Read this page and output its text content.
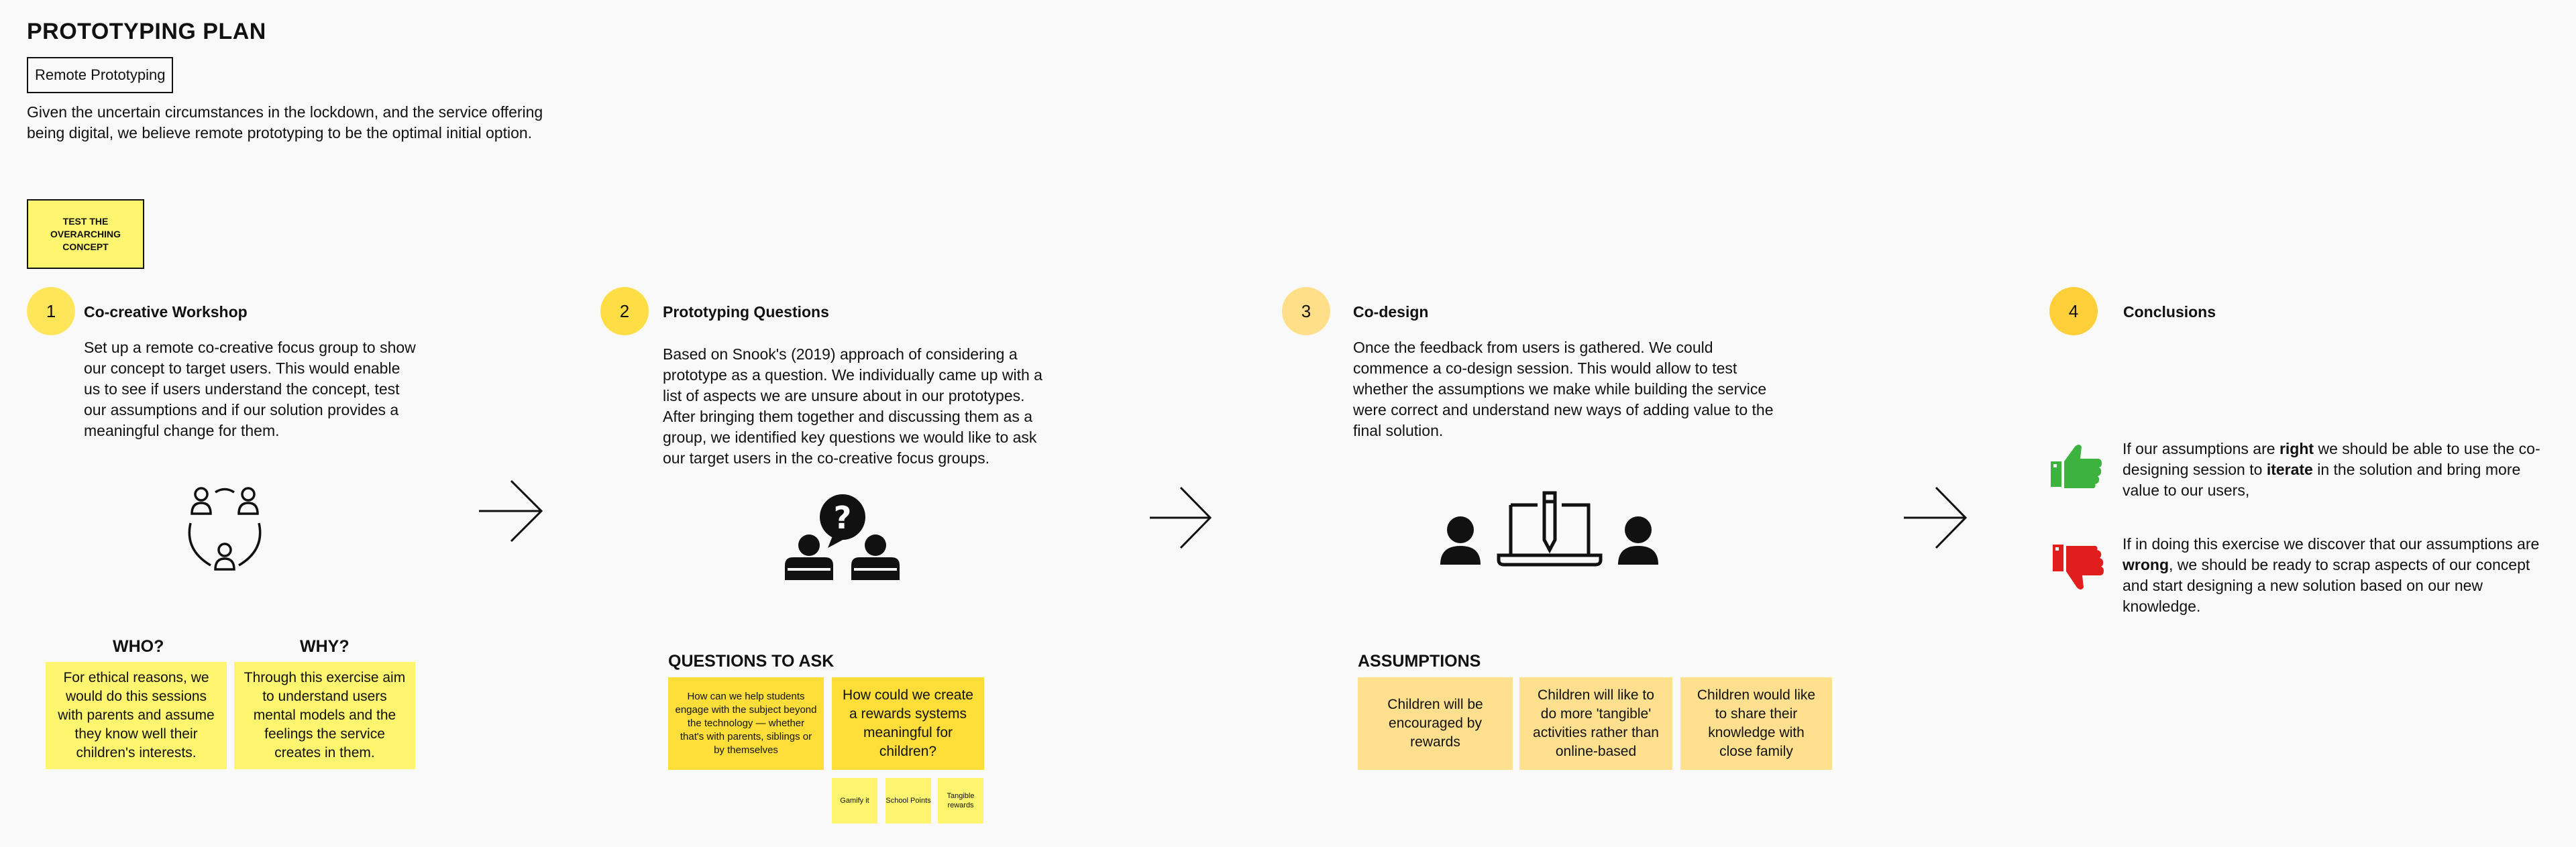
PROTOTYPING PLAN
Remote Prototyping
Given the uncertain circumstances in the lockdown, and the service offering being digital, we believe remote prototyping to be the optimal initial option.
TEST THE OVERARCHING CONCEPT
1	Co-creative Workshop
Set up a remote co-creative focus group to show our concept to target users. This would enable us to see if users understand the concept, test our assumptions and if our solution provides a meaningful change for them.
WHO?	WHY?
For ethical reasons, we would do this sessions with parents and assume they know well their children's interests.
Through this exercise aim to understand users mental models and the feelings the service creates in them.
2	Prototyping Questions
Based on Snook's (2019) approach of considering a prototype as a question. We individually came up with a list of aspects we are unsure about in our prototypes. After bringing them together and discussing them as a group, we identified key questions we would like to ask our target users in the co-creative focus groups.
?
QUESTIONS TO ASK
How can we help students engage with the subject beyond the technology — whether that's with parents, siblings or by themselves
How could we create a rewards systems meaningful for children?
Gamify it School Points
Tangible rewards
3	Co-design
Once the feedback from users is gathered. We could commence a co-design session. This would allow to test whether the assumptions we make while building the service were correct and understand new ways of adding value to the final solution.
ASSUMPTIONS
Children will be encouraged by rewards
Children will like to do more 'tangible' activities rather than online-based
Children would like to share their knowledge with close family
4	Conclusions
If our assumptions are right we should be able to use the co-designing session to iterate in the solution and bring more value to our users,
If in doing this exercise we discover that our assumptions are wrong, we should be ready to scrap aspects of our concept and start designing a new solution based on our new knowledge.
